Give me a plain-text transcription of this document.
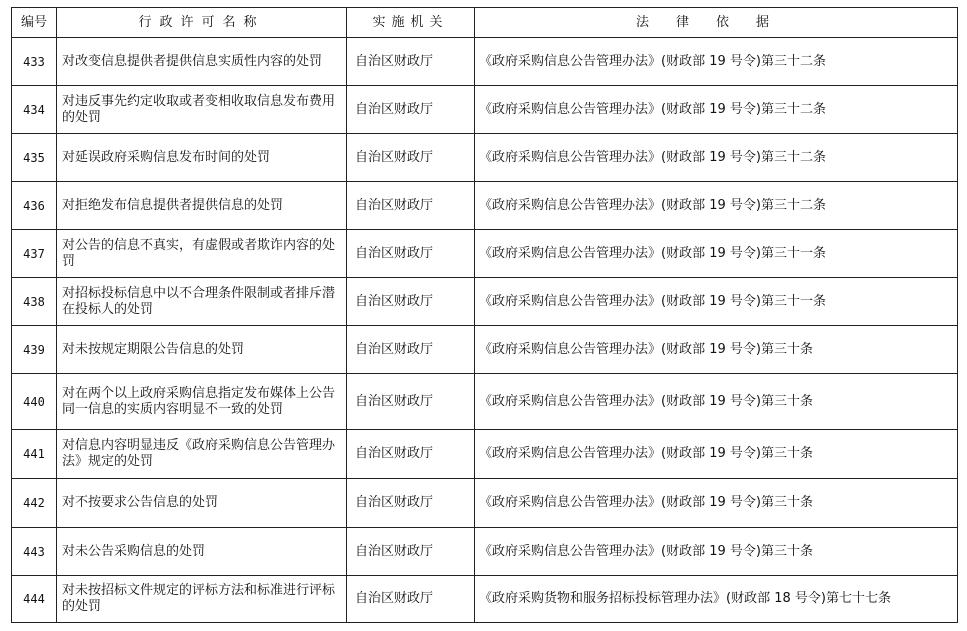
编号	行政许可名称	实施机关	法律依据
433	对改变信息提供者提供信息实质性内容的处罚	自治区财政厅	《政府采购信息公告管理办法》(财政部 19 号令)第三十二条
434	对违反事先约定收取或者变相收取信息发布费用的处罚	自治区财政厅	《政府采购信息公告管理办法》(财政部 19 号令)第三十二条
435	对延误政府采购信息发布时间的处罚	自治区财政厅	《政府采购信息公告管理办法》(财政部 19 号令)第三十二条
436	对拒绝发布信息提供者提供信息的处罚	自治区财政厅	《政府采购信息公告管理办法》(财政部 19 号令)第三十二条
437	对公告的信息不真实，有虚假或者欺诈内容的处罚	自治区财政厅	《政府采购信息公告管理办法》(财政部 19 号令)第三十一条
438	对招标投标信息中以不合理条件限制或者排斥潜在投标人的处罚	自治区财政厅	《政府采购信息公告管理办法》(财政部 19 号令)第三十一条
439	对未按规定期限公告信息的处罚	自治区财政厅	《政府采购信息公告管理办法》(财政部 19 号令)第三十条
440	对在两个以上政府采购信息指定发布媒体上公告同一信息的实质内容明显不一致的处罚	自治区财政厅	《政府采购信息公告管理办法》(财政部 19 号令)第三十条
441	对信息内容明显违反《政府采购信息公告管理办法》规定的处罚	自治区财政厅	《政府采购信息公告管理办法》(财政部 19 号令)第三十条
442	对不按要求公告信息的处罚	自治区财政厅	《政府采购信息公告管理办法》(财政部 19 号令)第三十条
443	对未公告采购信息的处罚	自治区财政厅	《政府采购信息公告管理办法》(财政部 19 号令)第三十条
444	对未按招标文件规定的评标方法和标准进行评标的处罚	自治区财政厅	《政府采购货物和服务招标投标管理办法》(财政部 18 号令)第七十七条
